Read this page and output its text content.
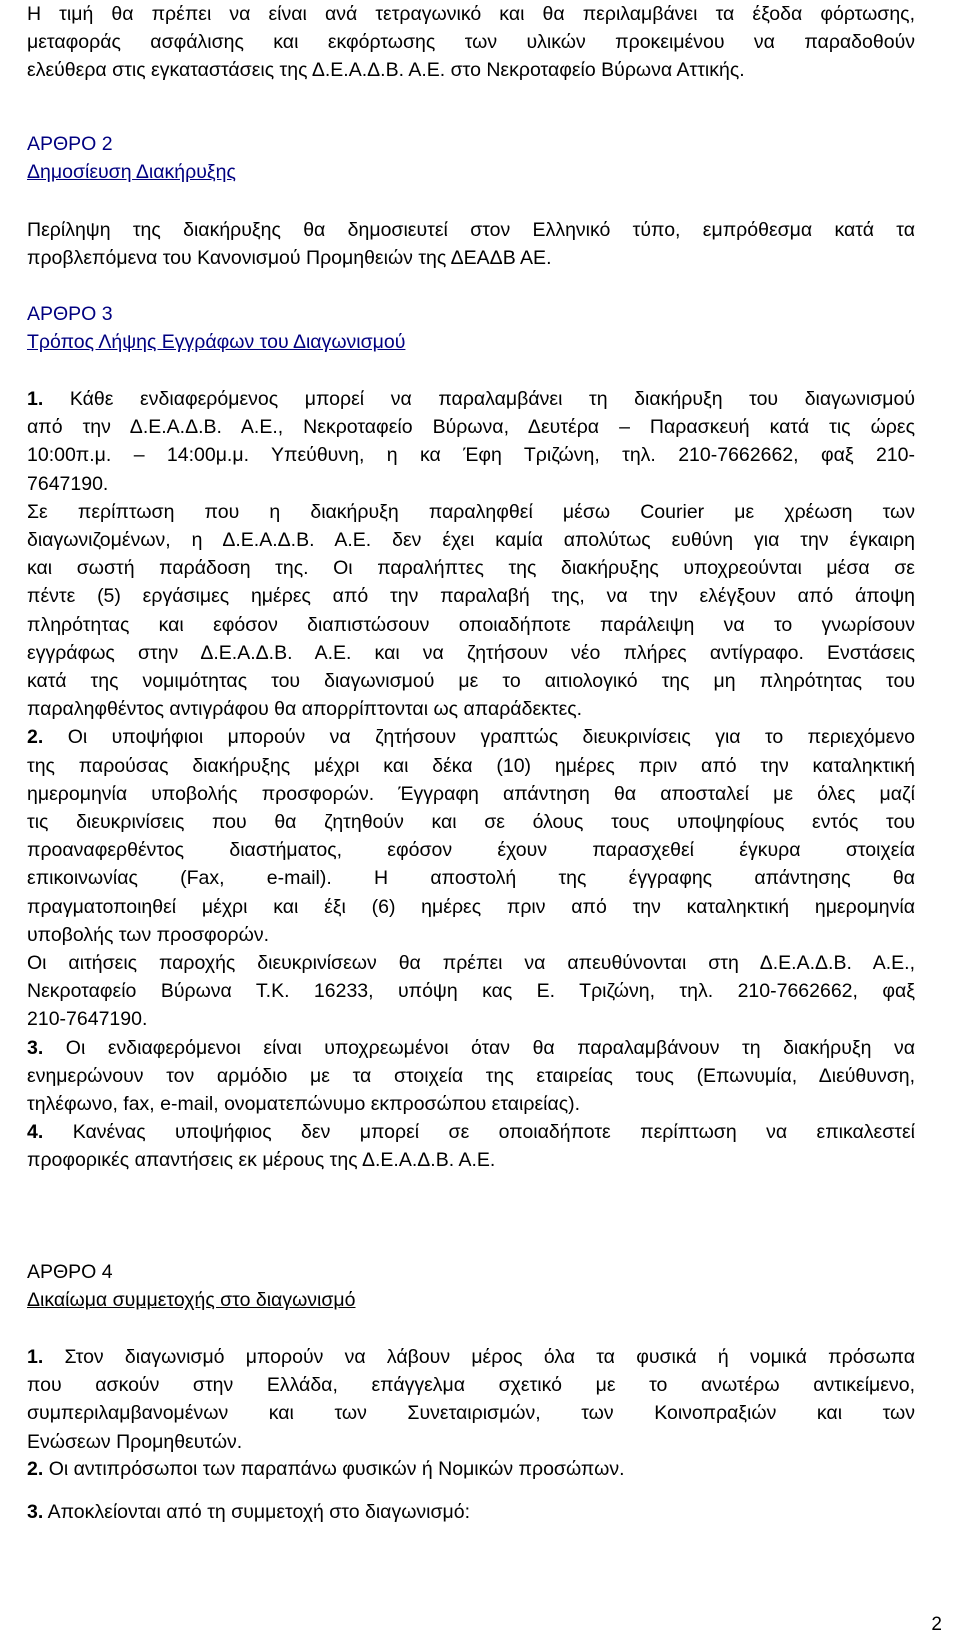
Η τιμή θα πρέπει να είναι ανά τετραγωνικό και θα περιλαμβάνει τα έξοδα φόρτωσης,

μεταφοράς ασφάλισης και εκφόρτωσης των υλικών προκειμένου να παραδοθούν

ελεύθερα στις εγκαταστάσεις της Δ.Ε.Α.Δ.Β. Α.Ε. στο Νεκροταφείο Βύρωνα Αττικής.

ΑΡΘΡΟ 2

Δημοσίευση Διακήρυξης

Περίληψη της διακήρυξης θα δημοσιευτεί στον Ελληνικό τύπο, εμπρόθεσμα κατά τα

προβλεπόμενα του Κανονισμού Προμηθειών της ΔΕΑΔΒ ΑΕ.

ΑΡΘΡΟ 3

Τρόπος Λήψης Εγγράφων του Διαγωνισμού

1. Κάθε ενδιαφερόμενος μπορεί να παραλαμβάνει τη διακήρυξη του διαγωνισμού

από την Δ.Ε.Α.Δ.Β. Α.Ε., Νεκροταφείο Βύρωνα, Δευτέρα – Παρασκευή κατά τις ώρες

10:00π.μ. – 14:00μ.μ. Υπεύθυνη, η κα Έφη Τριζώνη, τηλ. 210-7662662, φαξ 210-

7647190.

Σε περίπτωση που η διακήρυξη παραληφθεί μέσω Courier με χρέωση των

διαγωνιζομένων, η Δ.Ε.Α.Δ.Β. Α.Ε. δεν έχει καμία απολύτως ευθύνη για την έγκαιρη

και σωστή παράδοση της. Οι παραλήπτες της διακήρυξης υποχρεούνται μέσα σε

πέντε (5) εργάσιμες ημέρες από την παραλαβή της, να την ελέγξουν από άποψη

πληρότητας και εφόσον διαπιστώσουν οποιαδήποτε παράλειψη να το γνωρίσουν

εγγράφως στην Δ.Ε.Α.Δ.Β. Α.Ε. και να ζητήσουν νέο πλήρες αντίγραφο. Ενστάσεις

κατά της νομιμότητας του διαγωνισμού με το αιτιολογικό της μη πληρότητας του

παραληφθέντος αντιγράφου θα απορρίπτονται ως απαράδεκτες.

2. Οι υποψήφιοι μπορούν να ζητήσουν γραπτώς διευκρινίσεις για το περιεχόμενο

της παρούσας διακήρυξης μέχρι και δέκα (10) ημέρες πριν από την καταληκτική

ημερομηνία υποβολής προσφορών. Έγγραφη απάντηση θα αποσταλεί με όλες μαζί

τις διευκρινίσεις που θα ζητηθούν και σε όλους τους υποψηφίους εντός του

προαναφερθέντος διαστήματος, εφόσον έχουν παρασχεθεί έγκυρα στοιχεία

επικοινωνίας (Fax, e-mail). Η αποστολή της έγγραφης απάντησης θα

πραγματοποιηθεί μέχρι και έξι (6) ημέρες πριν από την καταληκτική ημερομηνία

υποβολής των προσφορών.

Οι αιτήσεις παροχής διευκρινίσεων θα πρέπει να απευθύνονται στη Δ.Ε.Α.Δ.Β. Α.Ε.,

Νεκροταφείο Βύρωνα Τ.Κ. 16233, υπόψη κας Ε. Τριζώνη, τηλ. 210-7662662, φαξ

210-7647190.

3. Οι ενδιαφερόμενοι είναι υποχρεωμένοι όταν θα παραλαμβάνουν τη διακήρυξη να

ενημερώνουν τον αρμόδιο με τα στοιχεία της εταιρείας τους (Επωνυμία, Διεύθυνση,

τηλέφωνο, fax, e-mail, ονοματεπώνυμο εκπροσώπου εταιρείας).

4. Κανένας υποψήφιος δεν μπορεί σε οποιαδήποτε περίπτωση να επικαλεστεί

προφορικές απαντήσεις εκ μέρους της Δ.Ε.Α.Δ.Β. Α.Ε.

ΑΡΘΡΟ 4

Δικαίωμα συμμετοχής στο διαγωνισμό

1. Στον διαγωνισμό μπορούν να λάβουν μέρος όλα τα φυσικά ή νομικά πρόσωπα

που ασκούν στην Ελλάδα, επάγγελμα σχετικό με το ανωτέρω αντικείμενο,

συμπεριλαμβανομένων και των Συνεταιρισμών, των Κοινοπραξιών και των

Ενώσεων Προμηθευτών.

2. Οι αντιπρόσωποι των παραπάνω φυσικών ή Νομικών προσώπων.

3. Αποκλείονται από τη συμμετοχή στο διαγωνισμό:

2
